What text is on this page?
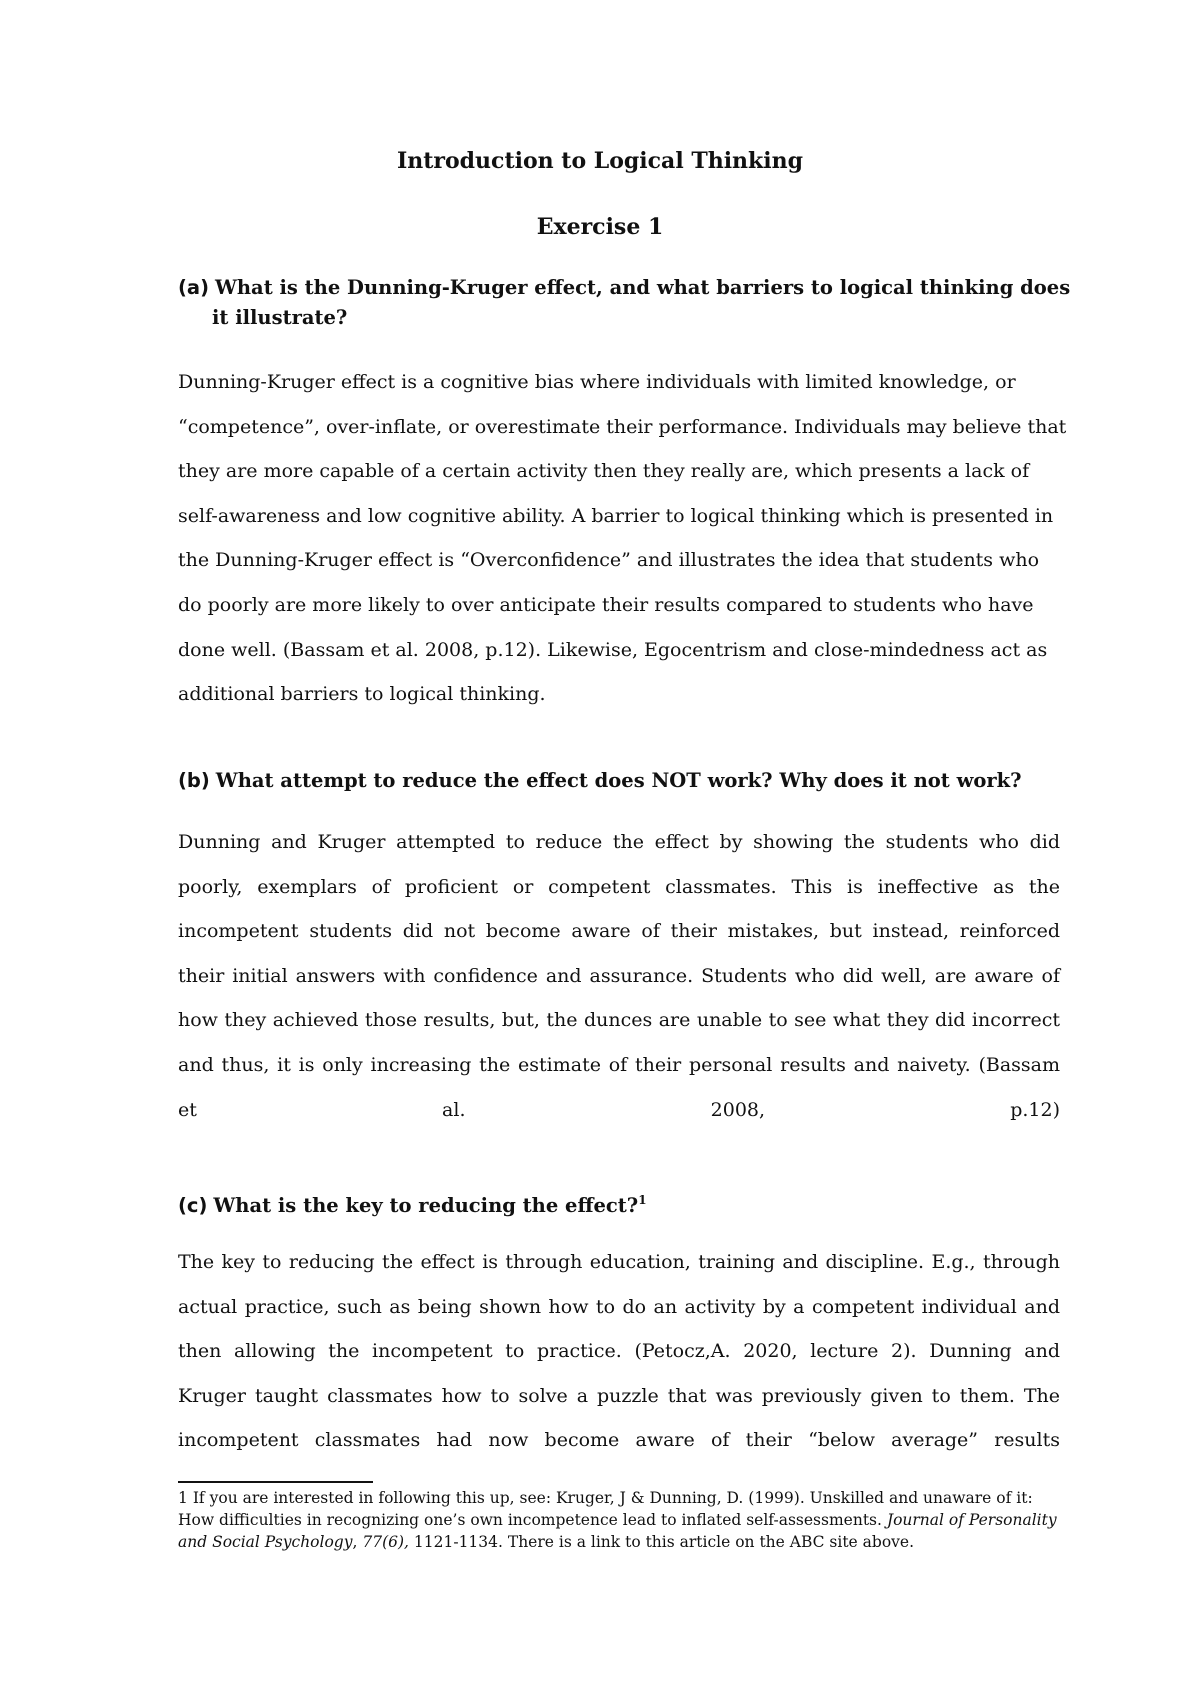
Introduction to Logical Thinking
Exercise 1
(a) What is the Dunning-Kruger effect, and what barriers to logical thinking does it illustrate?
Dunning-Kruger effect is a cognitive bias where individuals with limited knowledge, or “competence”, over-inflate, or overestimate their performance. Individuals may believe that they are more capable of a certain activity then they really are, which presents a lack of self-awareness and low cognitive ability. A barrier to logical thinking which is presented in the Dunning-Kruger effect is “Overconfidence” and illustrates the idea that students who do poorly are more likely to over anticipate their results compared to students who have done well. (Bassam et al. 2008, p.12). Likewise, Egocentrism and close-mindedness act as additional barriers to logical thinking.
(b) What attempt to reduce the effect does NOT work? Why does it not work?
Dunning and Kruger attempted to reduce the effect by showing the students who did poorly, exemplars of proficient or competent classmates. This is ineffective as the incompetent students did not become aware of their mistakes, but instead, reinforced their initial answers with confidence and assurance. Students who did well, are aware of how they achieved those results, but, the dunces are unable to see what they did incorrect and thus, it is only increasing the estimate of their personal results and naivety. (Bassam et al. 2008, p.12)
(c) What is the key to reducing the effect?$^1$
The key to reducing the effect is through education, training and discipline. E.g., through actual practice, such as being shown how to do an activity by a competent individual and then allowing the incompetent to practice. (Petocz,A. 2020, lecture 2). Dunning and Kruger taught classmates how to solve a puzzle that was previously given to them. The incompetent classmates had now become aware of their “below average” results
1 If you are interested in following this up, see: Kruger, J & Dunning, D. (1999). Unskilled and unaware of it: How difficulties in recognizing one’s own incompetence lead to inflated self-assessments. Journal of Personality and Social Psychology, 77(6), 1121-1134. There is a link to this article on the ABC site above.
